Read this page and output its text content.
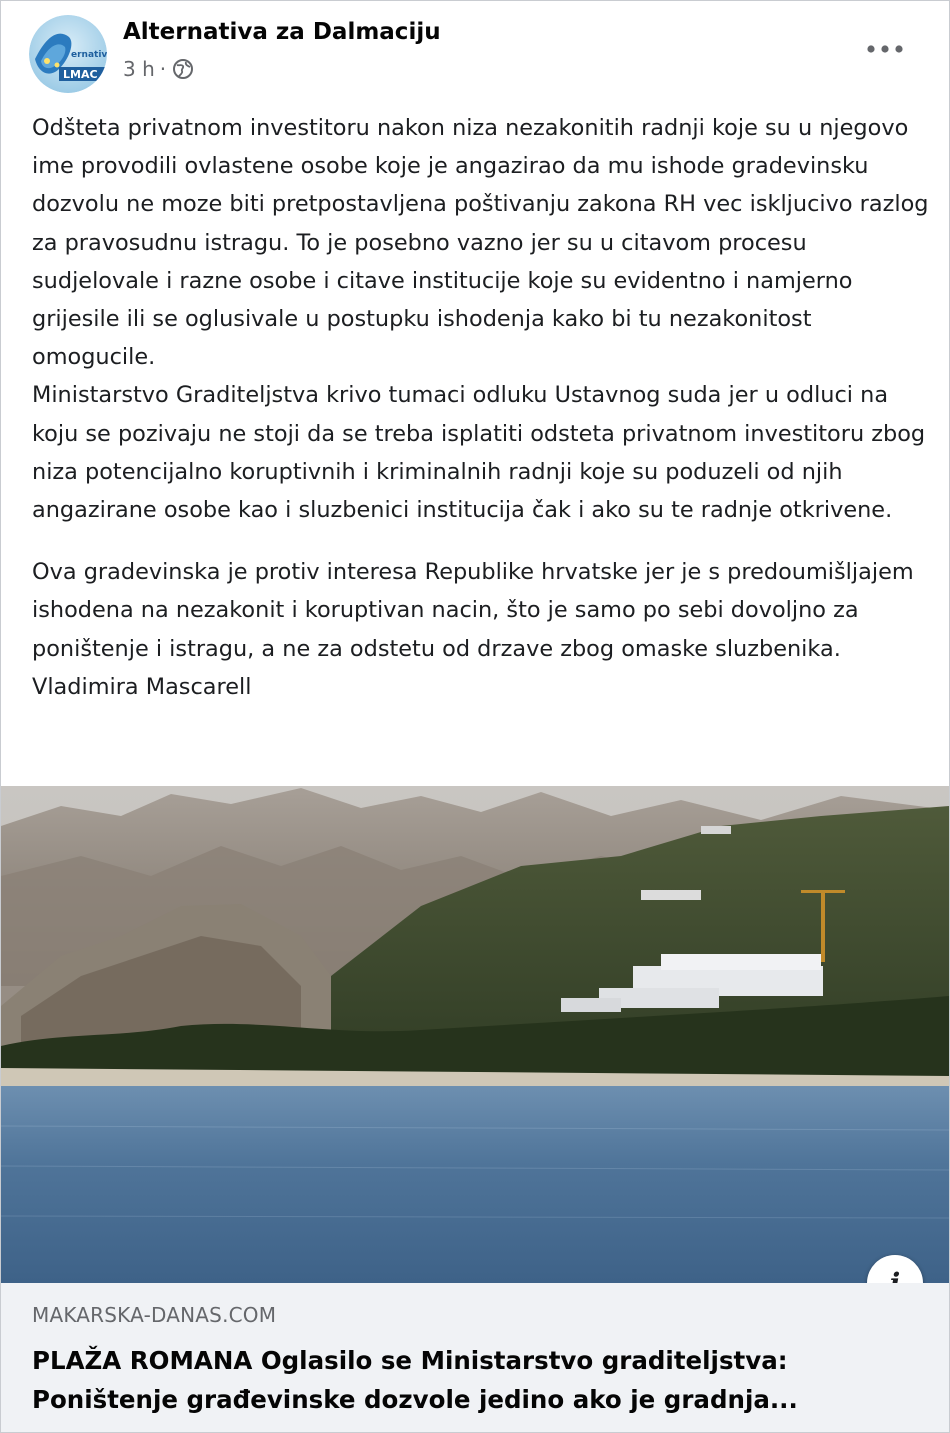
ernativ
LMAC
Alternativa za Dalmaciju
3 h ·

Odšteta privatnom investitoru nakon niza nezakonitih radnji koje su u njegovo ime provodili ovlastene osobe koje je angazirao da mu ishode gradevinsku dozvolu ne moze biti pretpostavljena poštivanju zakona RH vec iskljucivo razlog za pravosudnu istragu. To je posebno vazno jer su u citavom procesu sudjelovale i razne osobe i citave institucije koje su evidentno i namjerno grijesile ili se oglusivale u postupku ishodenja kako bi tu nezakonitost omogucile.

Ministarstvo Graditeljstva krivo tumaci odluku Ustavnog suda jer u odluci na koju se pozivaju ne stoji da se treba isplatiti odsteta privatnom investitoru zbog niza potencijalno koruptivnih i kriminalnih radnji koje su poduzeli od njih angazirane osobe kao i sluzbenici institucija čak i ako su te radnje otkrivene.

Ova gradevinska je protiv interesa Republike hrvatske jer je s predoumišljajem ishodena na nezakonit i koruptivan nacin, što je samo po sebi dovoljno za poništenje i istragu, a ne za odstetu od drzave zbog omaske sluzbenika.

Vladimira Mascarell

MAKARSKA-DANAS.COM
PLAŽA ROMANA Oglasilo se Ministarstvo graditeljstva:
Poništenje građevinske dozvole jedino ako je gradnja...
